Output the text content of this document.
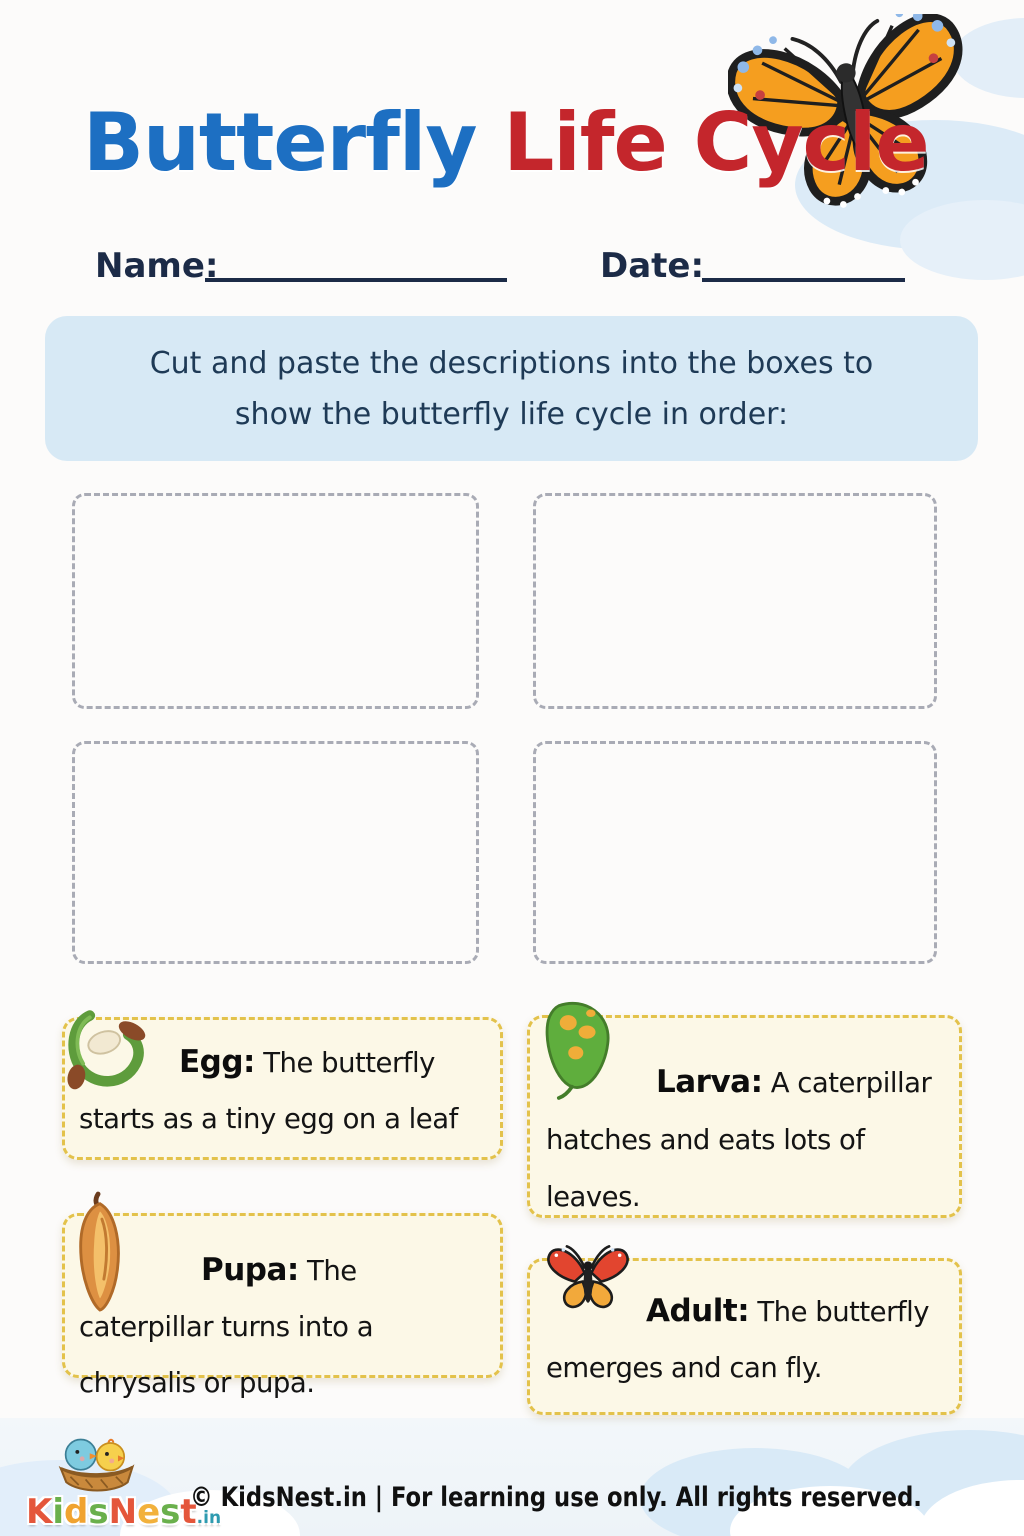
Butterfly Life Cycle
Name:	Date:
Cut and paste the descriptions into the boxes to
show the butterfly life cycle in order:

Egg: The butterfly starts as a tiny egg on a leaf

Larva: A caterpillar hatches and eats lots of leaves.

Pupa: The caterpillar turns into a chrysalis or pupa.

Adult: The butterfly emerges and can fly.

KidsNest.in
© KidsNest.in | For learning use only. All rights reserved.
